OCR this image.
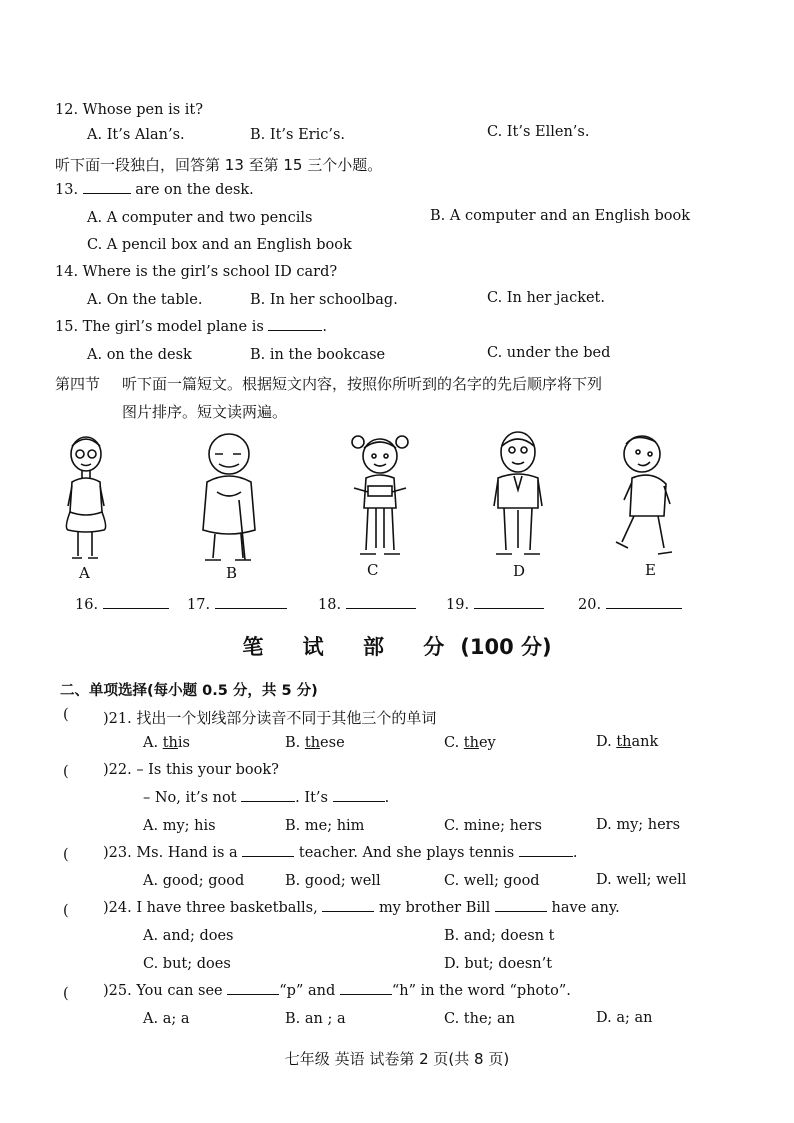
12. Whose pen is it?
A. It’s Alan’s.	B. It’s Eric’s.	C. It’s Ellen’s.
听下面一段独白，回答第 13 至第 15 三个小题。
13.	are on the desk.
A. A computer and two pencils	B. A computer and an English book
C. A pencil box and an English book
14. Where is the girl’s school ID card?
A. On the table.	B. In her schoolbag.	C. In her jacket.
15. The girl’s model plane is	.
A. on the desk	B. in the bookcase	C. under the bed
第四节 听下面一篇短文。根据短文内容，按照你所听到的名字的先后顺序将下列
图片排序。短文读两遍。
A	B	C	D	E
16.	17.	18.	19.	20.
笔 试 部 分(100 分)
二、单项选择(每小题 0.5 分，共 5 分)
( )21. 找出一个划线部分读音不同于其他三个的单词
A. this	B. these	C. they	D. thank
( )22. – Is this your book?
– No, it’s not	. It’s	.
A. my; his	B. me; him	C. mine; hers	D. my; hers
( )23. Ms. Hand is a	teacher. And she plays tennis	.
A. good; good	B. good; well	C. well; good	D. well; well
( )24. I have three basketballs,	my brother Bill	have any.
A. and; does	B. and; doesn t
C. but; does	D. but; doesn’t
( )25. You can see	“p” and	“h” in the word “photo”.
A. a; a	B. an ; a	C. the; an	D. a; an
七年级 英语 试卷第 2 页(共 8 页)
